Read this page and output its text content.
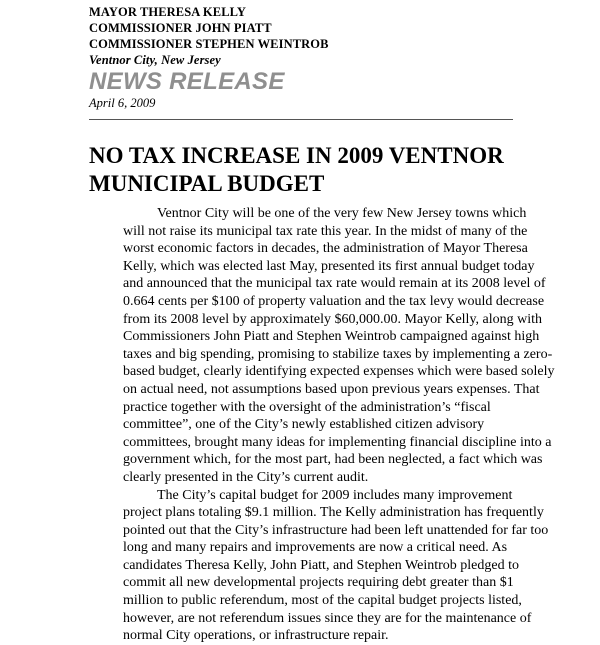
MAYOR THERESA KELLY
COMMISSIONER JOHN PIATT
COMMISSIONER STEPHEN WEINTROB
Ventnor City, New Jersey
NEWS RELEASE
April 6, 2009
NO TAX INCREASE IN 2009 VENTNOR
MUNICIPAL BUDGET
Ventnor City will be one of the very few New Jersey towns which
will not raise its municipal tax rate this year. In the midst of many of the
worst economic factors in decades, the administration of Mayor Theresa
Kelly, which was elected last May, presented its first annual budget today
and announced that the municipal tax rate would remain at its 2008 level of
0.664 cents per $100 of property valuation and the tax levy would decrease
from its 2008 level by approximately $60,000.00. Mayor Kelly, along with
Commissioners John Piatt and Stephen Weintrob campaigned against high
taxes and big spending, promising to stabilize taxes by implementing a zero-
based budget, clearly identifying expected expenses which were based solely
on actual need, not assumptions based upon previous years expenses. That
practice together with the oversight of the administration’s “fiscal
committee”, one of the City’s newly established citizen advisory
committees, brought many ideas for implementing financial discipline into a
government which, for the most part, had been neglected, a fact which was
clearly presented in the City’s current audit.
The City’s capital budget for 2009 includes many improvement
project plans totaling $9.1 million. The Kelly administration has frequently
pointed out that the City’s infrastructure had been left unattended for far too
long and many repairs and improvements are now a critical need. As
candidates Theresa Kelly, John Piatt, and Stephen Weintrob pledged to
commit all new developmental projects requiring debt greater than $1
million to public referendum, most of the capital budget projects listed,
however, are not referendum issues since they are for the maintenance of
normal City operations, or infrastructure repair.
